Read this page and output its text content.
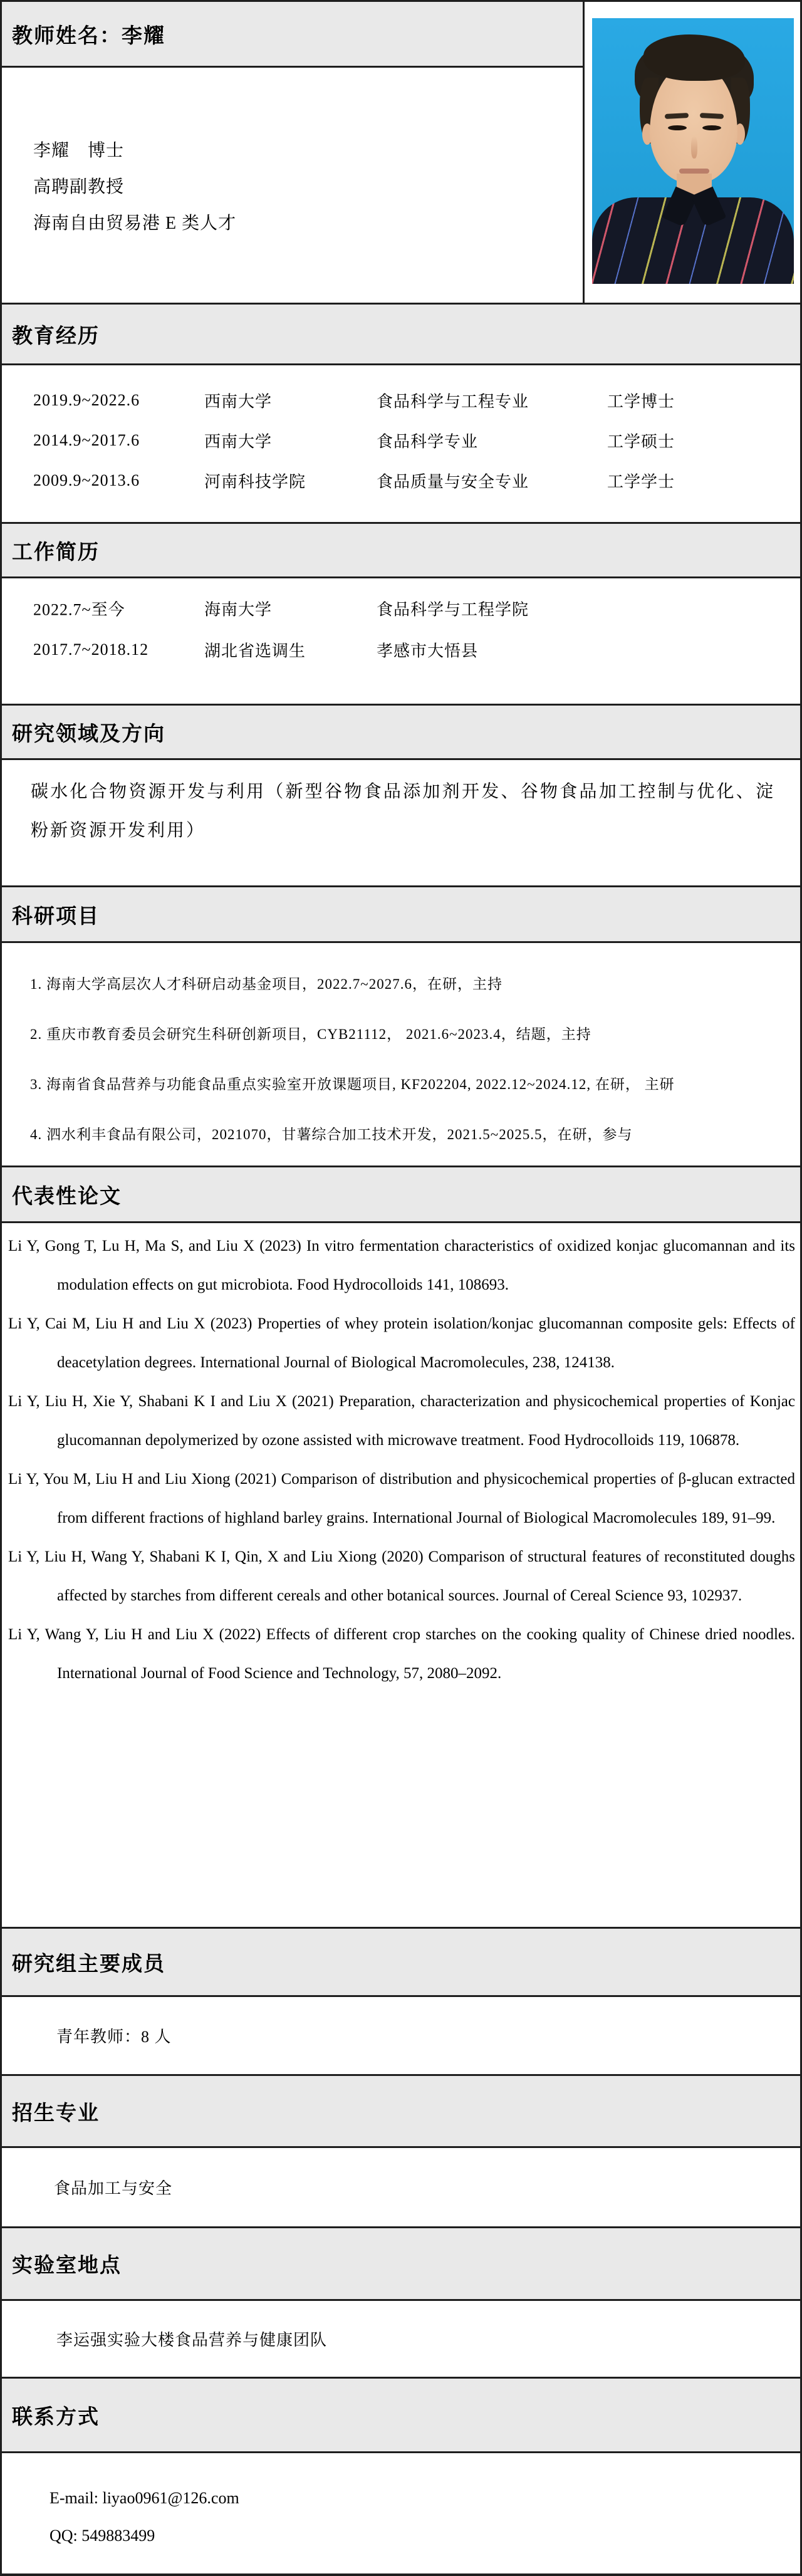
教师姓名：李耀
李耀　博士
高聘副教授
海南自由贸易港 E 类人才
教育经历
2019.9~2022.6	西南大学	食品科学与工程专业	工学博士
2014.9~2017.6	西南大学	食品科学专业	工学硕士
2009.9~2013.6	河南科技学院	食品质量与安全专业	工学学士
工作简历
2022.7~至今	海南大学	食品科学与工程学院
2017.7~2018.12	湖北省选调生	孝感市大悟县
研究领域及方向
碳水化合物资源开发与利用（新型谷物食品添加剂开发、谷物食品加工控制与优化、淀粉新资源开发利用）
科研项目
1. 海南大学高层次人才科研启动基金项目，2022.7~2027.6，在研，主持
2. 重庆市教育委员会研究生科研创新项目，CYB21112， 2021.6~2023.4，结题，主持
3. 海南省食品营养与功能食品重点实验室开放课题项目, KF202204, 2022.12~2024.12, 在研， 主研
4. 泗水利丰食品有限公司，2021070，甘薯综合加工技术开发，2021.5~2025.5，在研，参与
代表性论文
Li Y, Gong T, Lu H, Ma S, and Liu X (2023) In vitro fermentation characteristics of oxidized konjac glucomannan and its modulation effects on gut microbiota. Food Hydrocolloids 141, 108693.
Li Y, Cai M, Liu H and Liu X (2023) Properties of whey protein isolation/konjac glucomannan composite gels: Effects of deacetylation degrees. International Journal of Biological Macromolecules, 238, 124138.
Li Y, Liu H, Xie Y, Shabani K I and Liu X (2021) Preparation, characterization and physicochemical properties of Konjac glucomannan depolymerized by ozone assisted with microwave treatment. Food Hydrocolloids 119, 106878.
Li Y, You M, Liu H and Liu Xiong (2021) Comparison of distribution and physicochemical properties of β-glucan extracted from different fractions of highland barley grains. International Journal of Biological Macromolecules 189, 91–99.
Li Y, Liu H, Wang Y, Shabani K I, Qin, X and Liu Xiong (2020) Comparison of structural features of reconstituted doughs affected by starches from different cereals and other botanical sources. Journal of Cereal Science 93, 102937.
Li Y, Wang Y, Liu H and Liu X (2022) Effects of different crop starches on the cooking quality of Chinese dried noodles. International Journal of Food Science and Technology, 57, 2080–2092.
研究组主要成员
青年教师：8 人
招生专业
食品加工与安全
实验室地点
李运强实验大楼食品营养与健康团队
联系方式
E-mail: liyao0961@126.com
QQ: 549883499
